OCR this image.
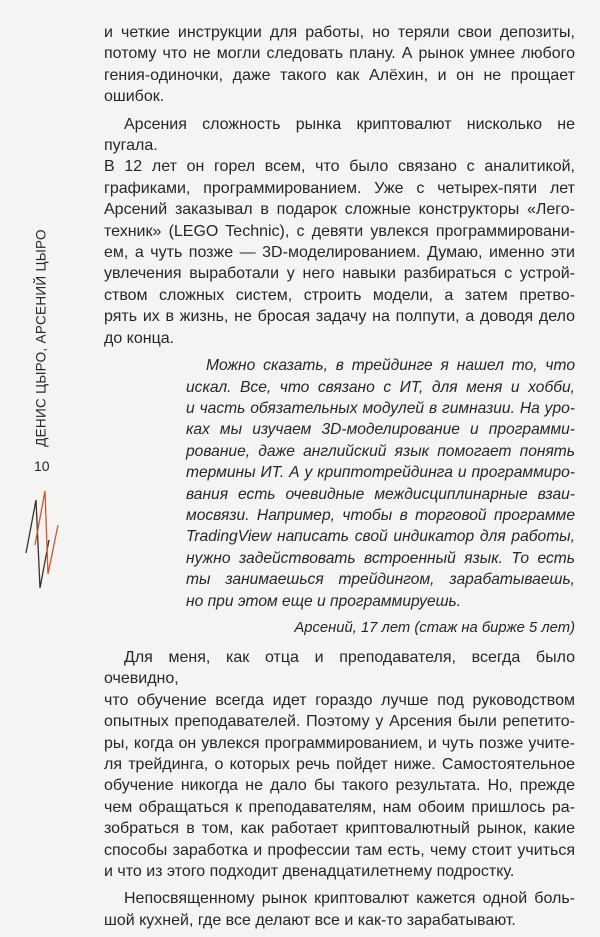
ДЕНИС ЦЫРО, АРСЕНИЙ ЦЫРО
10
и четкие инструкции для работы, но теряли свои депозиты,
потому что не могли следовать плану. А рынок умнее любого
гения-одиночки, даже такого как Алёхин, и он не прощает
ошибок.
Арсения сложность рынка криптовалют нисколько не пугала.
В 12 лет он горел всем, что было связано с аналитикой,
графиками, программированием. Уже с четырех-пяти лет
Арсений заказывал в подарок сложные конструкторы «Лего-
техник» (LEGO Technic), с девяти увлекся программировани-
ем, а чуть позже — 3D-моделированием. Думаю, именно эти
увлечения выработали у него навыки разбираться с устрой-
ством сложных систем, строить модели, а затем претво-
рять их в жизнь, не бросая задачу на полпути, а доводя дело
до конца.
Можно сказать, в трейдинге я нашел то, что
искал. Все, что связано с ИТ, для меня и хобби,
и часть обязательных модулей в гимназии. На уро-
ках мы изучаем 3D-моделирование и программи-
рование, даже английский язык помогает понять
термины ИТ. А у криптотрейдинга и программиро-
вания есть очевидные междисциплинарные взаи-
мосвязи. Например, чтобы в торговой программе
TradingView написать свой индикатор для работы,
нужно задействовать встроенный язык. То есть
ты занимаешься трейдингом, зарабатываешь,
но при этом еще и программируешь.
Арсений, 17 лет (стаж на бирже 5 лет)
Для меня, как отца и преподавателя, всегда было очевидно,
что обучение всегда идет гораздо лучше под руководством
опытных преподавателей. Поэтому у Арсения были репетито-
ры, когда он увлекся программированием, и чуть позже учите-
ля трейдинга, о которых речь пойдет ниже. Самостоятельное
обучение никогда не дало бы такого результата. Но, прежде
чем обращаться к преподавателям, нам обоим пришлось ра-
зобраться в том, как работает криптовалютный рынок, какие
способы заработка и профессии там есть, чему стоит учиться
и что из этого подходит двенадцатилетнему подростку.
Непосвященному рынок криптовалют кажется одной боль-
шой кухней, где все делают все и как-то зарабатывают.
